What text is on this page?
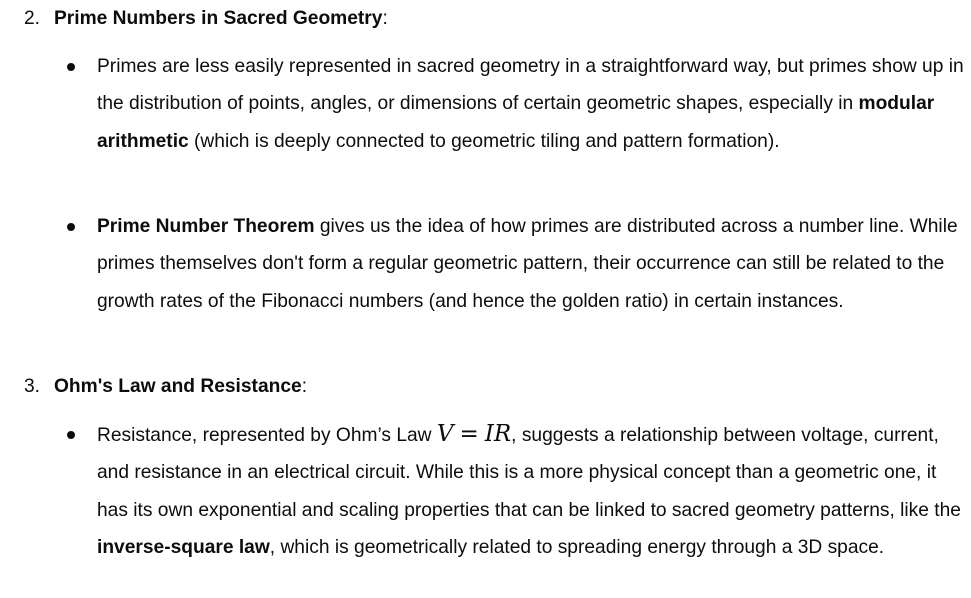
2. Prime Numbers in Sacred Geometry:
Primes are less easily represented in sacred geometry in a straightforward way, but primes show up in the distribution of points, angles, or dimensions of certain geometric shapes, especially in modular arithmetic (which is deeply connected to geometric tiling and pattern formation).
Prime Number Theorem gives us the idea of how primes are distributed across a number line. While primes themselves don't form a regular geometric pattern, their occurrence can still be related to the growth rates of the Fibonacci numbers (and hence the golden ratio) in certain instances.
3. Ohm's Law and Resistance:
Resistance, represented by Ohm’s Law V = IR, suggests a relationship between voltage, current, and resistance in an electrical circuit. While this is a more physical concept than a geometric one, it has its own exponential and scaling properties that can be linked to sacred geometry patterns, like the inverse-square law, which is geometrically related to spreading energy through a 3D space.
